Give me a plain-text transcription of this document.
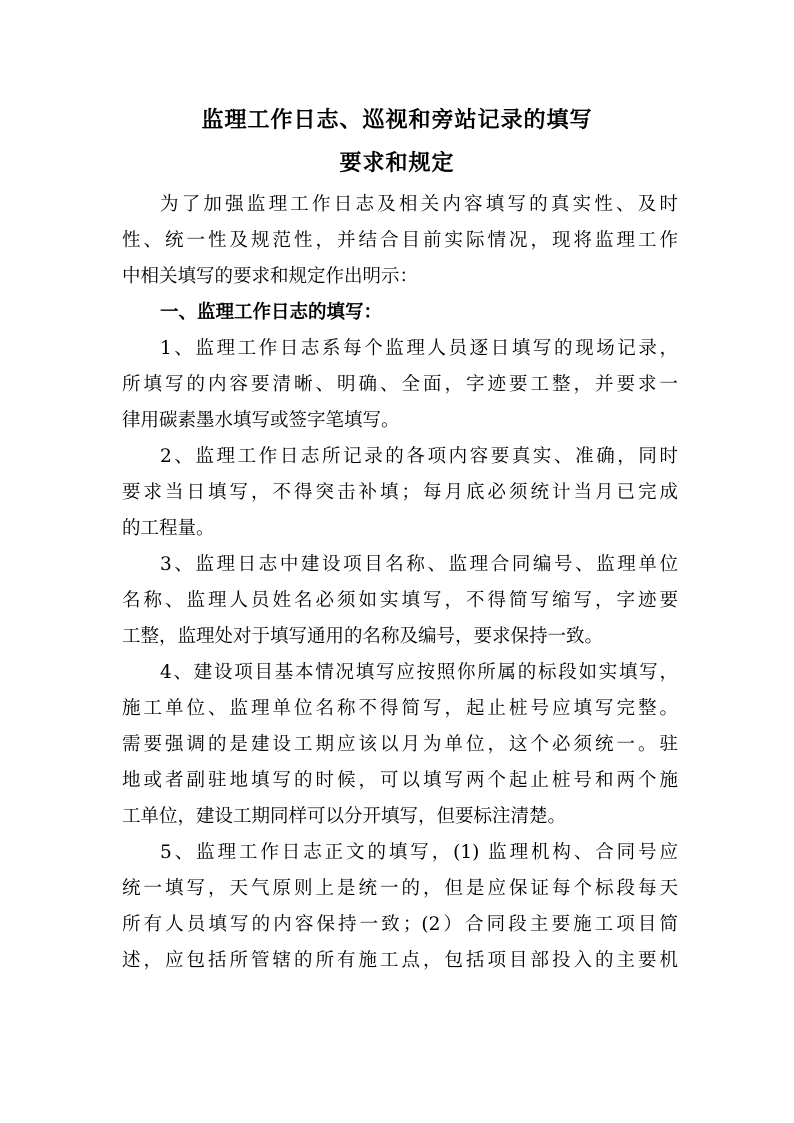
监理工作日志、巡视和旁站记录的填写
要求和规定
为了加强监理工作日志及相关内容填写的真实性、及时
性、统一性及规范性，并结合目前实际情况，现将监理工作
中相关填写的要求和规定作出明示：
一、监理工作日志的填写：
1、监理工作日志系每个监理人员逐日填写的现场记录，
所填写的内容要清晰、明确、全面，字迹要工整，并要求一
律用碳素墨水填写或签字笔填写。
2、监理工作日志所记录的各项内容要真实、准确，同时
要求当日填写，不得突击补填；每月底必须统计当月已完成
的工程量。
3、监理日志中建设项目名称、监理合同编号、监理单位
名称、监理人员姓名必须如实填写，不得简写缩写，字迹要
工整，监理处对于填写通用的名称及编号，要求保持一致。
4、建设项目基本情况填写应按照你所属的标段如实填写，
施工单位、监理单位名称不得简写，起止桩号应填写完整。
需要强调的是建设工期应该以月为单位，这个必须统一。驻
地或者副驻地填写的时候，可以填写两个起止桩号和两个施
工单位，建设工期同样可以分开填写，但要标注清楚。
5、监理工作日志正文的填写，(1) 监理机构、合同号应
统一填写，天气原则上是统一的，但是应保证每个标段每天
所有人员填写的内容保持一致；(2）合同段主要施工项目简
述，应包括所管辖的所有施工点，包括项目部投入的主要机
